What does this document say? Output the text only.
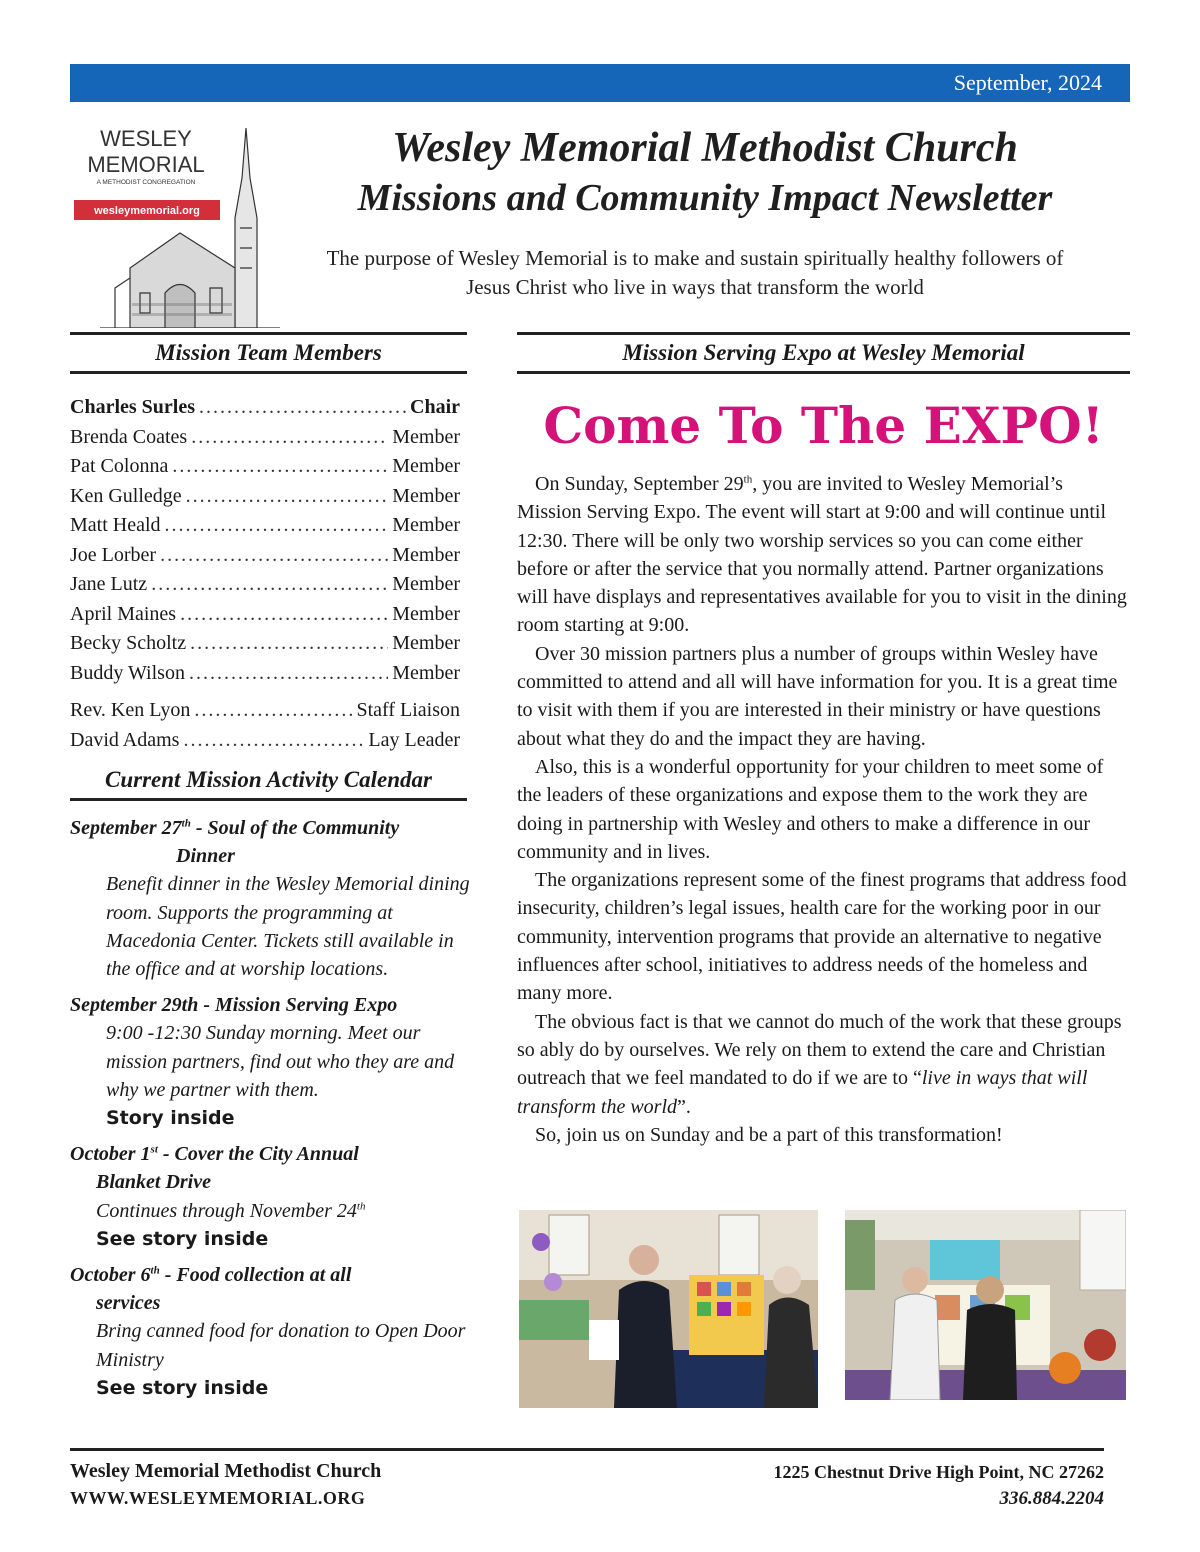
September, 2024
WESLEY
MEMORIAL
A METHODIST CONGREGATION
wesleymemorial.org
Wesley Memorial Methodist Church
Missions and Community Impact Newsletter
The purpose of Wesley Memorial is to make and sustain spiritually healthy followers of Jesus Christ who live in ways that transform the world
Mission Team Members	Mission Serving Expo at Wesley Memorial
Charles Surles .....	Chair
Brenda Coates .....	Member
Pat Colonna .....	Member
Ken Gulledge .....	Member
Matt Heald .....	Member
Joe Lorber .....	Member
Jane Lutz .....	Member
April Maines .....	Member
Becky Scholtz .....	Member
Buddy Wilson .....	Member
Rev. Ken Lyon .....	Staff Liaison
David Adams .....	Lay Leader
Current Mission Activity Calendar
September 27th - Soul of the Community
Dinner
Benefit dinner in the Wesley Memorial dining room. Supports the programming at Macedonia Center. Tickets still available in the office and at worship locations.
September 29th - Mission Serving Expo
9:00 -12:30 Sunday morning. Meet our mission partners, find out who they are and why we partner with them.
Story inside
October 1st - Cover the City Annual
Blanket Drive
Continues through November 24th
See story inside
October 6th - Food collection at all
services
Bring canned food for donation to Open Door Ministry
See story inside
Come To The EXPO!

On Sunday, September 29th, you are invited to Wesley Memorial’s Mission Serving Expo. The event will start at 9:00 and will continue until 12:30. There will be only two worship services so you can come either before or after the service that you normally attend. Partner organizations will have displays and representatives available for you to visit in the dining room starting at 9:00.

Over 30 mission partners plus a number of groups within Wesley have committed to attend and all will have information for you. It is a great time to visit with them if you are interested in their ministry or have questions about what they do and the impact they are having.

Also, this is a wonderful opportunity for your children to meet some of the leaders of these organizations and expose them to the work they are doing in partnership with Wesley and others to make a difference in our community and in lives.

The organizations represent some of the finest programs that address food insecurity, children’s legal issues, health care for the working poor in our community, intervention programs that provide an alternative to negative influences after school, initiatives to address needs of the homeless and many more.

The obvious fact is that we cannot do much of the work that these groups so ably do by ourselves. We rely on them to extend the care and Christian outreach that we feel mandated to do if we are to “live in ways that will transform the world”.

So, join us on Sunday and be a part of this transformation!

Wesley Memorial Methodist Church
WWW.WESLEYMEMORIAL.ORG
1225 Chestnut Drive High Point, NC 27262
336.884.2204
